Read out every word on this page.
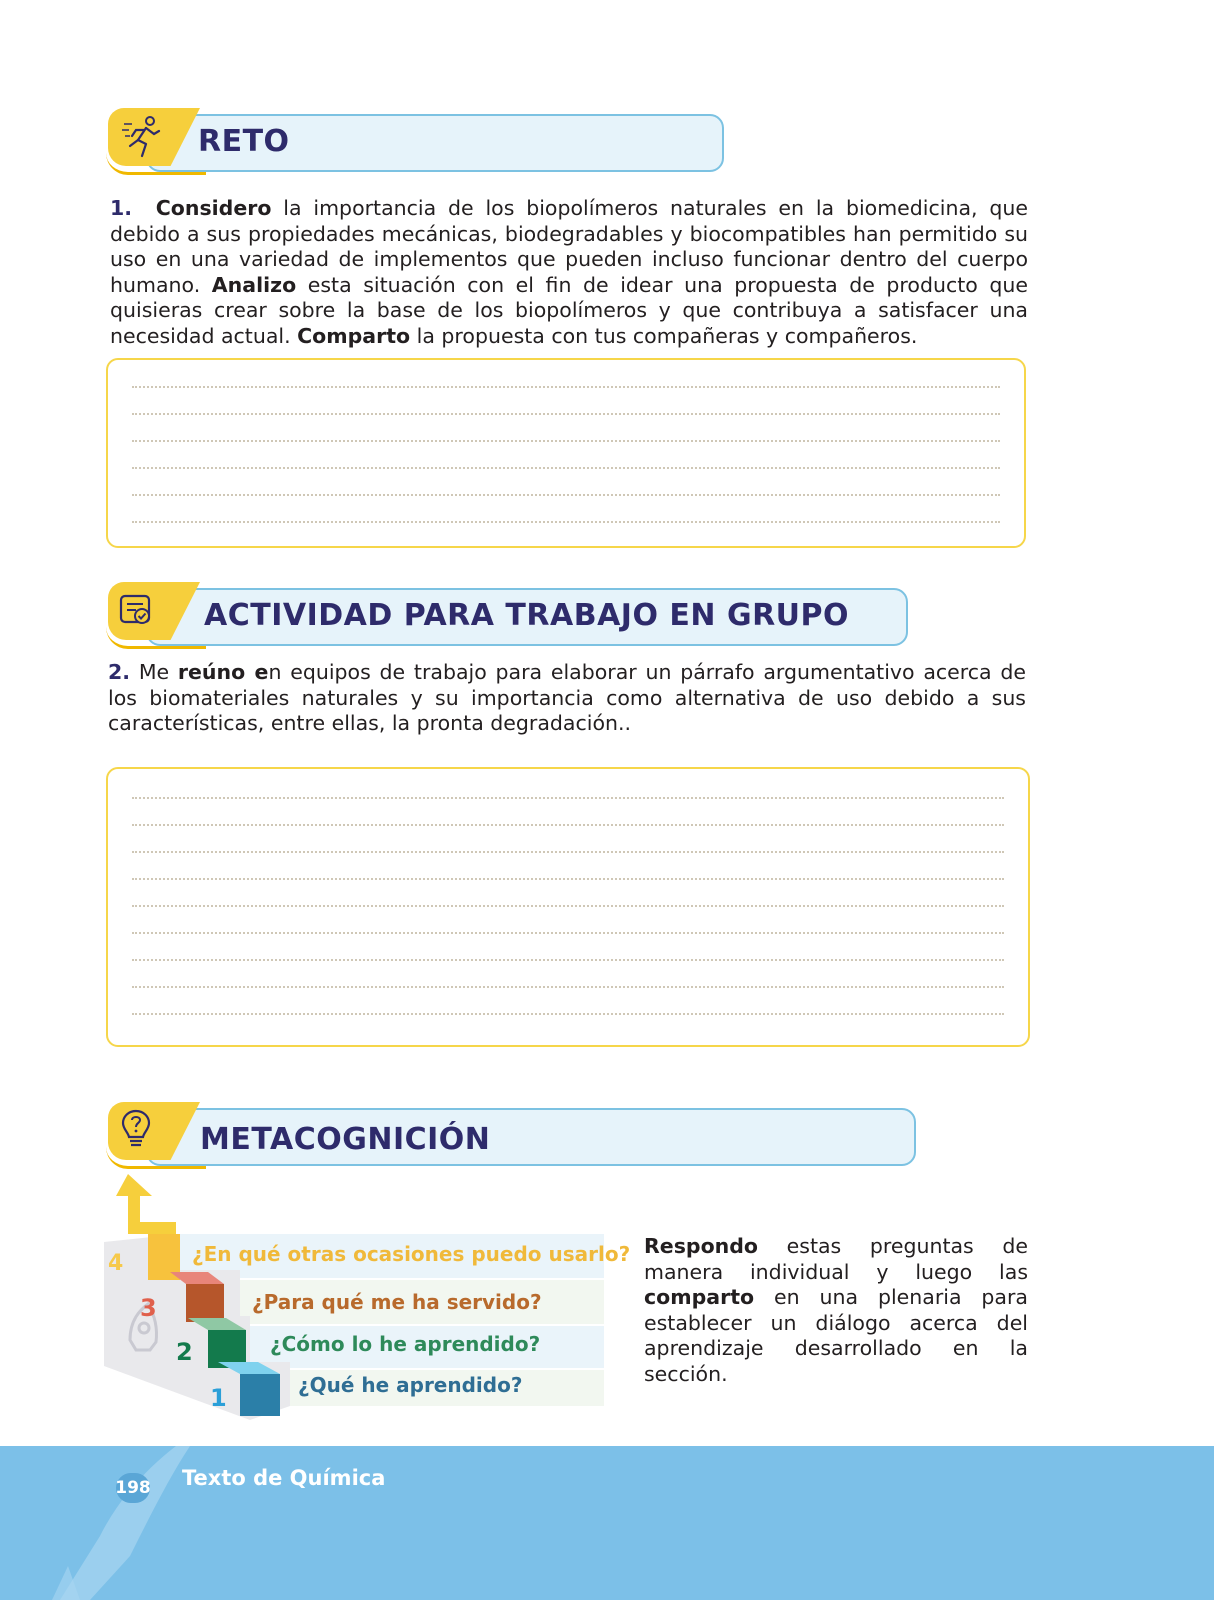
RETO
1. Considero la importancia de los biopolímeros naturales en la biomedicina, que debido a sus propiedades mecánicas, biodegradables y biocompatibles han permitido su uso en una variedad de implementos que pueden incluso funcionar dentro del cuerpo humano. Analizo esta situación con el fin de idear una propuesta de producto que quisieras crear sobre la base de los biopolímeros y que contribuya a satisfacer una necesidad actual. Comparto la propuesta con tus compañeras y compañeros.
ACTIVIDAD PARA TRABAJO EN GRUPO
2. Me reúno en equipos de trabajo para elaborar un párrafo argumentativo acerca de los biomateriales naturales y su importancia como alternativa de uso debido a sus características, entre ellas, la pronta degradación..
METACOGNICIÓN
4
3
2
1
¿En qué otras ocasiones puedo usarlo?
¿Para qué me ha servido?
¿Cómo lo he aprendido?
¿Qué he aprendido?
Respondo estas preguntas de manera individual y luego las comparto en una plenaria para establecer un diálogo acerca del aprendizaje desarrollado en la sección.
198 Texto de Química
